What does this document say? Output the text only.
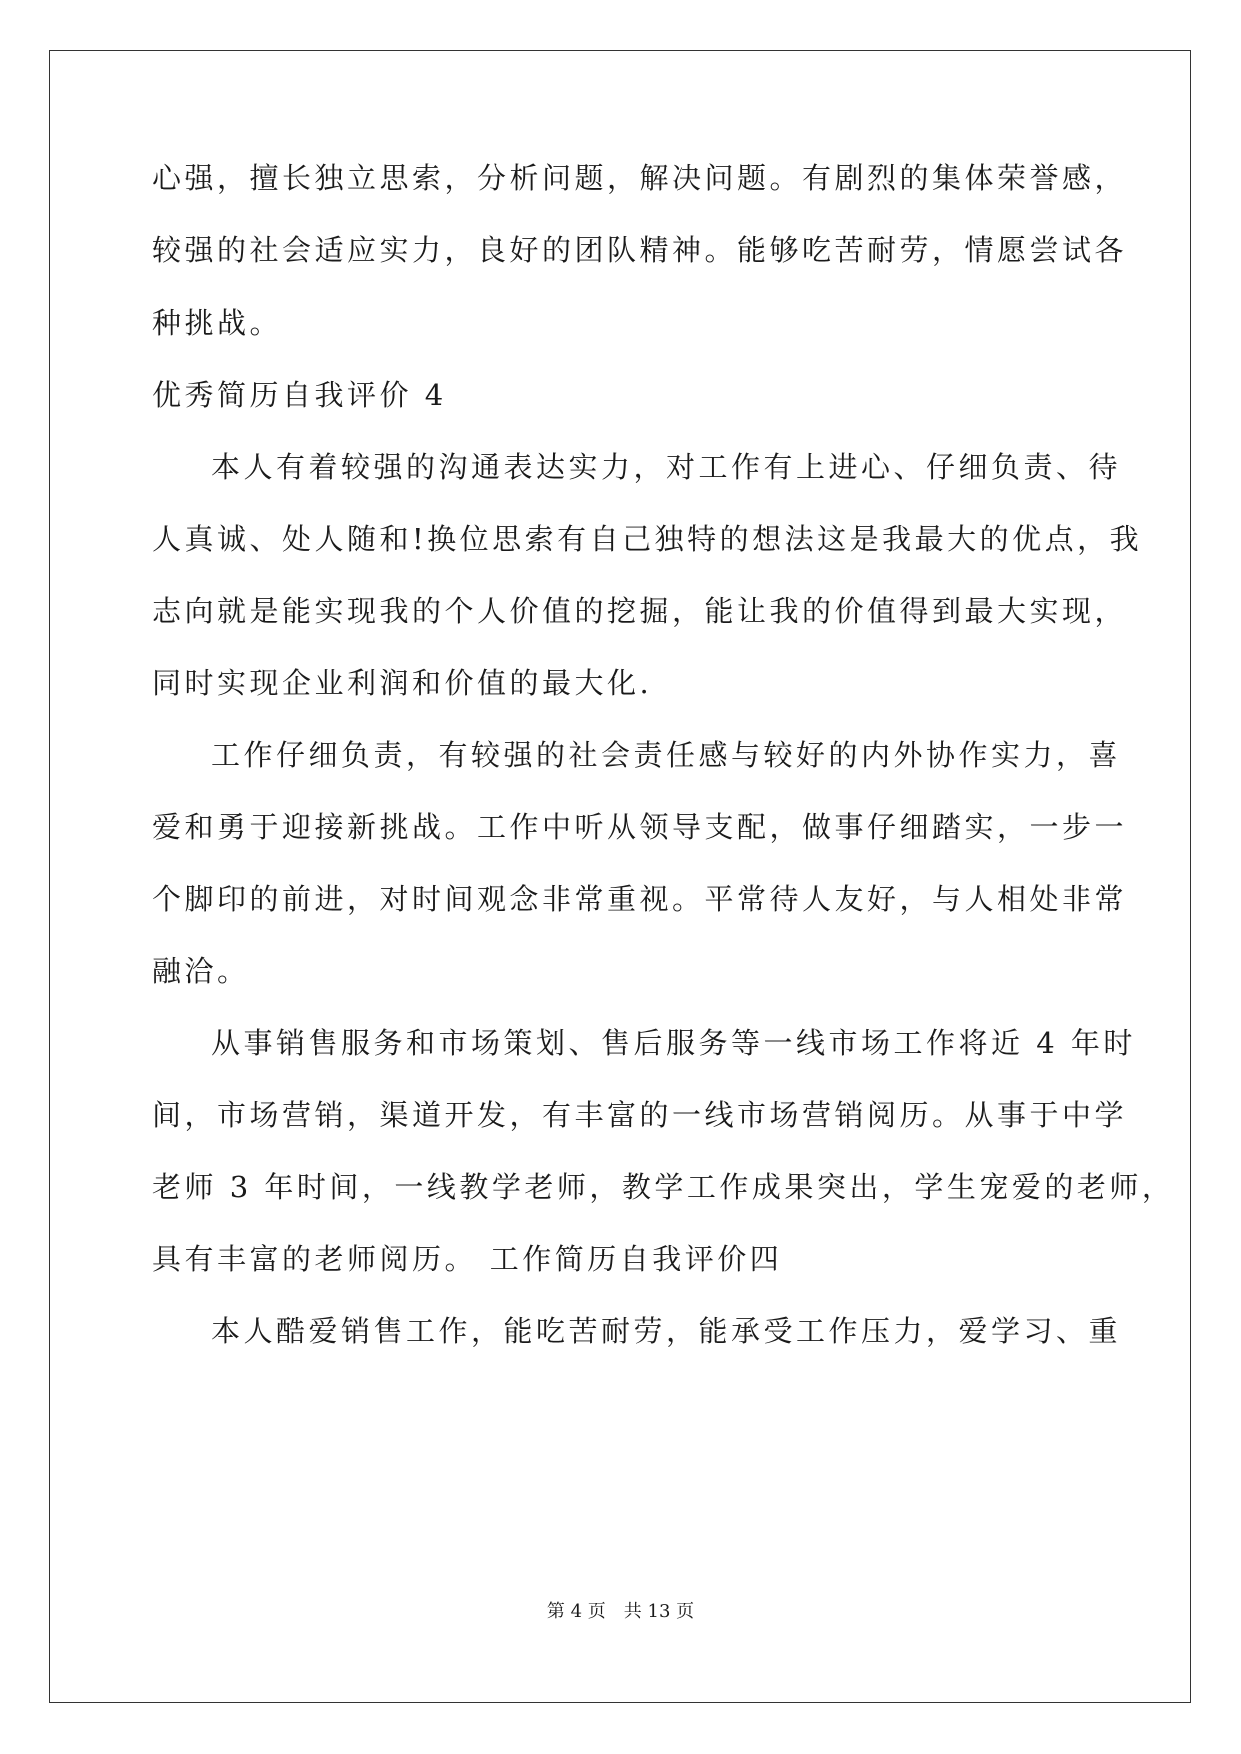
心强，擅长独立思索，分析问题，解决问题。有剧烈的集体荣誉感，
较强的社会适应实力，良好的团队精神。能够吃苦耐劳，情愿尝试各
种挑战。
优秀简历自我评价 4
本人有着较强的沟通表达实力，对工作有上进心、仔细负责、待
人真诚、处人随和!换位思索有自己独特的想法这是我最大的优点，我
志向就是能实现我的个人价值的挖掘，能让我的价值得到最大实现，
同时实现企业利润和价值的最大化.
工作仔细负责，有较强的社会责任感与较好的内外协作实力，喜
爱和勇于迎接新挑战。工作中听从领导支配，做事仔细踏实，一步一
个脚印的前进，对时间观念非常重视。平常待人友好，与人相处非常
融洽。
从事销售服务和市场策划、售后服务等一线市场工作将近 4 年时
间，市场营销，渠道开发，有丰富的一线市场营销阅历。从事于中学
老师 3 年时间，一线教学老师，教学工作成果突出，学生宠爱的老师，
具有丰富的老师阅历。 工作简历自我评价四
本人酷爱销售工作，能吃苦耐劳，能承受工作压力，爱学习、重
第 4 页 共 13 页
